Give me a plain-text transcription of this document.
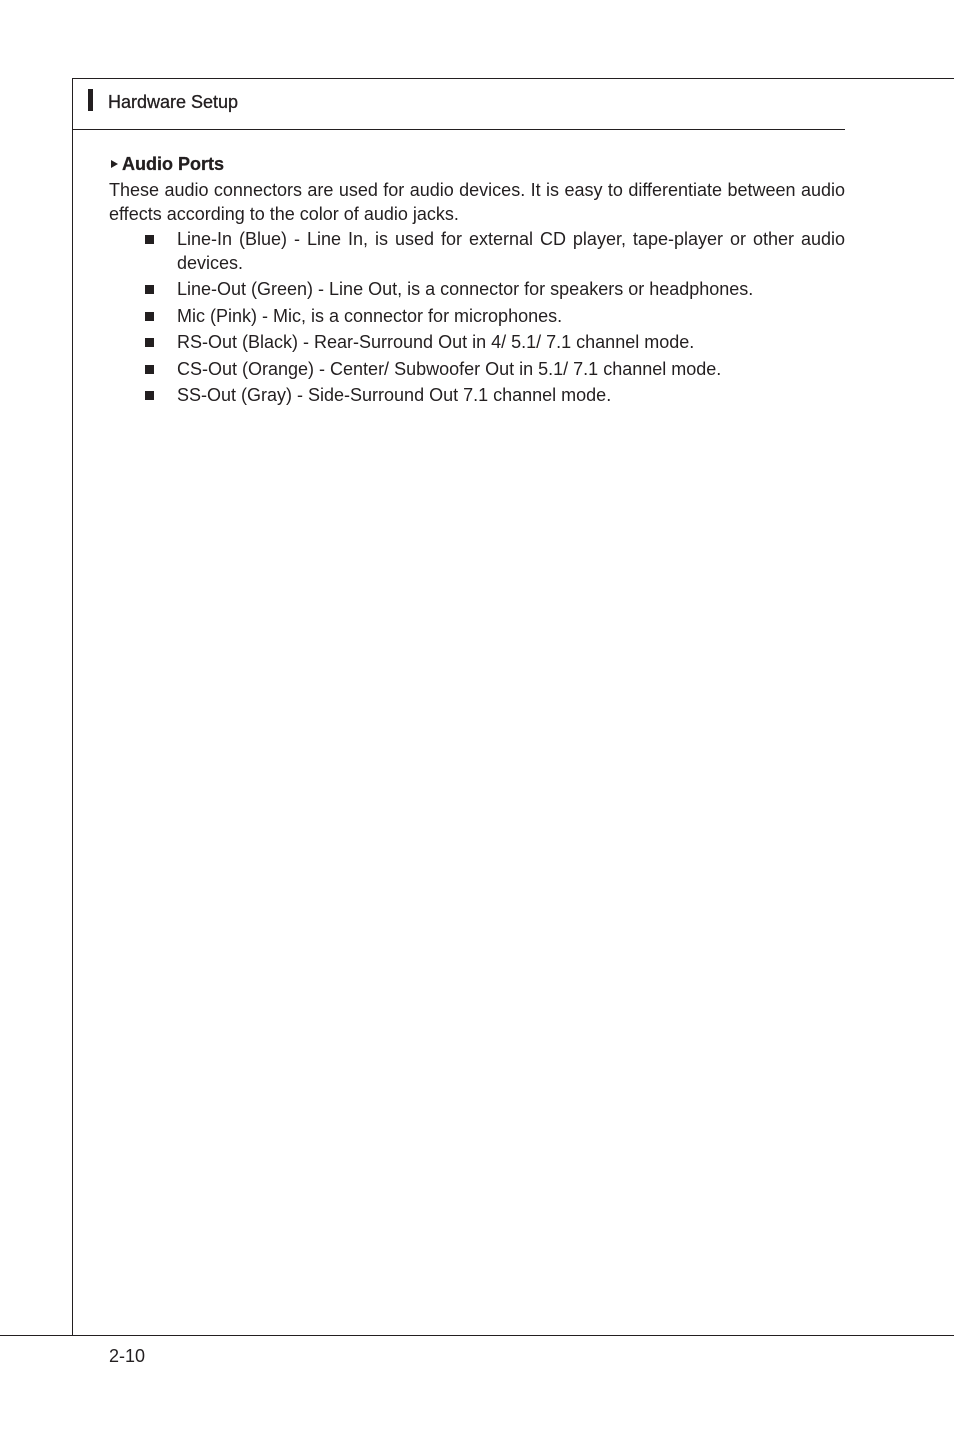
Hardware Setup
Audio Ports

These audio connectors are used for audio devices. It is easy to differentiate between audio effects according to the color of audio jacks.

Line-In (Blue) - Line In, is used for external CD player, tape-player or other audio devices.
Line-Out (Green) - Line Out, is a connector for speakers or headphones.
Mic (Pink) - Mic, is a connector for microphones.
RS-Out (Black) - Rear-Surround Out in 4/ 5.1/ 7.1 channel mode.
CS-Out (Orange) - Center/ Subwoofer Out in 5.1/ 7.1 channel mode.
SS-Out (Gray) - Side-Surround Out 7.1 channel mode.

2-10
